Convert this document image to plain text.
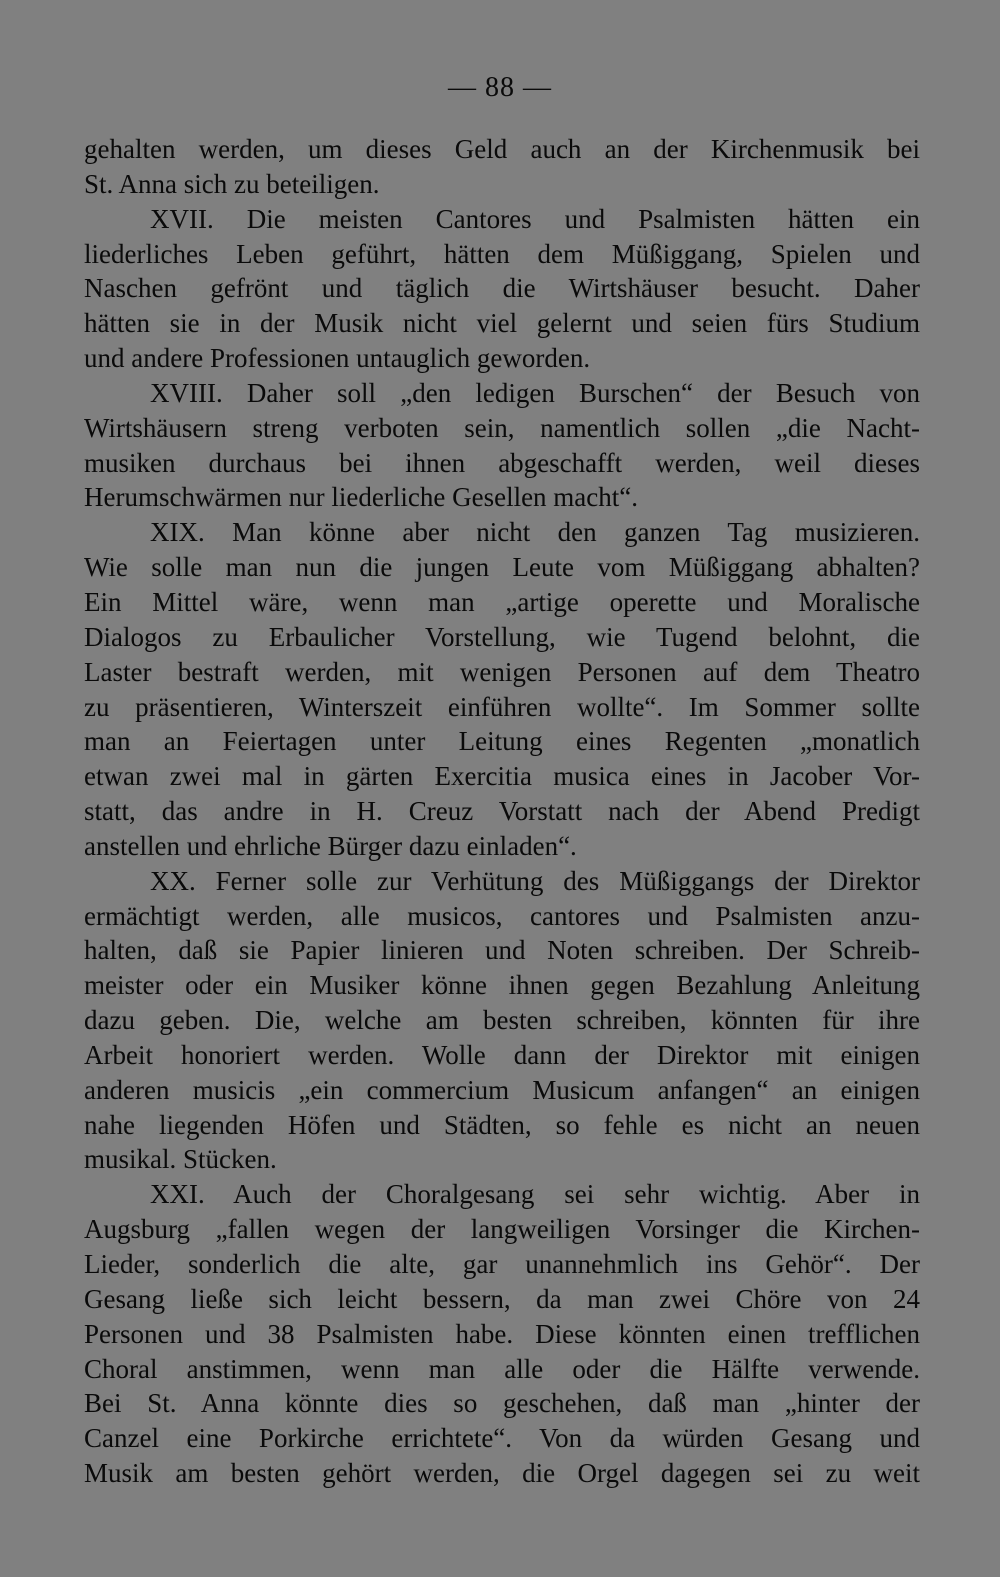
— 88 —
gehalten werden, um dieses Geld auch an der Kirchenmusik bei
St. Anna sich zu beteiligen.
XVII. Die meisten Cantores und Psalmisten hätten ein
liederliches Leben geführt, hätten dem Müßiggang, Spielen und
Naschen gefrönt und täglich die Wirtshäuser besucht. Daher
hätten sie in der Musik nicht viel gelernt und seien fürs Studium
und andere Professionen untauglich geworden.
XVIII. Daher soll „den ledigen Burschen“ der Besuch von
Wirtshäusern streng verboten sein, namentlich sollen „die Nacht-
musiken durchaus bei ihnen abgeschafft werden, weil dieses
Herumschwärmen nur liederliche Gesellen macht“.
XIX. Man könne aber nicht den ganzen Tag musizieren.
Wie solle man nun die jungen Leute vom Müßiggang abhalten?
Ein Mittel wäre, wenn man „artige operette und Moralische
Dialogos zu Erbaulicher Vorstellung, wie Tugend belohnt, die
Laster bestraft werden, mit wenigen Personen auf dem Theatro
zu präsentieren, Winterszeit einführen wollte“. Im Sommer sollte
man an Feiertagen unter Leitung eines Regenten „monatlich
etwan zwei mal in gärten Exercitia musica eines in Jacober Vor-
statt, das andre in H. Creuz Vorstatt nach der Abend Predigt
anstellen und ehrliche Bürger dazu einladen“.
XX. Ferner solle zur Verhütung des Müßiggangs der Direktor
ermächtigt werden, alle musicos, cantores und Psalmisten anzu-
halten, daß sie Papier linieren und Noten schreiben. Der Schreib-
meister oder ein Musiker könne ihnen gegen Bezahlung Anleitung
dazu geben. Die, welche am besten schreiben, könnten für ihre
Arbeit honoriert werden. Wolle dann der Direktor mit einigen
anderen musicis „ein commercium Musicum anfangen“ an einigen
nahe liegenden Höfen und Städten, so fehle es nicht an neuen
musikal. Stücken.
XXI. Auch der Choralgesang sei sehr wichtig. Aber in
Augsburg „fallen wegen der langweiligen Vorsinger die Kirchen-
Lieder, sonderlich die alte, gar unannehmlich ins Gehör“. Der
Gesang ließe sich leicht bessern, da man zwei Chöre von 24
Personen und 38 Psalmisten habe. Diese könnten einen trefflichen
Choral anstimmen, wenn man alle oder die Hälfte verwende.
Bei St. Anna könnte dies so geschehen, daß man „hinter der
Canzel eine Porkirche errichtete“. Von da würden Gesang und
Musik am besten gehört werden, die Orgel dagegen sei zu weit
